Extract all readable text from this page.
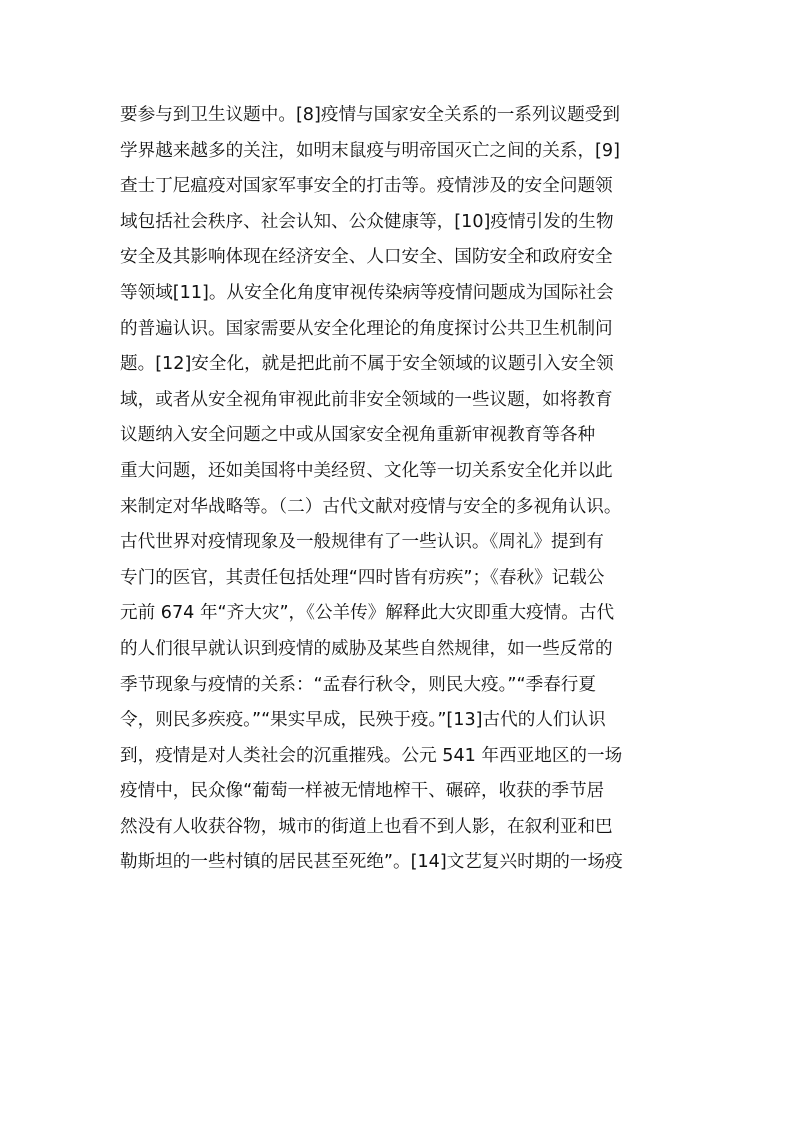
要参与到卫生议题中。[8]疫情与国家安全关系的一系列议题受到
学界越来越多的关注，如明末鼠疫与明帝国灭亡之间的关系，[9]
查士丁尼瘟疫对国家军事安全的打击等。疫情涉及的安全问题领
域包括社会秩序、社会认知、公众健康等，[10]疫情引发的生物
安全及其影响体现在经济安全、人口安全、国防安全和政府安全
等领域[11]。从安全化角度审视传染病等疫情问题成为国际社会
的普遍认识。国家需要从安全化理论的角度探讨公共卫生机制问
题。[12]安全化，就是把此前不属于安全领域的议题引入安全领
域，或者从安全视角审视此前非安全领域的一些议题，如将教育
议题纳入安全问题之中或从国家安全视角重新审视教育等各种
重大问题，还如美国将中美经贸、文化等一切关系安全化并以此
来制定对华战略等。（二）古代文献对疫情与安全的多视角认识。
古代世界对疫情现象及一般规律有了一些认识。《周礼》提到有
专门的医官，其责任包括处理“四时皆有疠疾”；《春秋》记载公
元前 674 年“齐大灾”，《公羊传》解释此大灾即重大疫情。古代
的人们很早就认识到疫情的威胁及某些自然规律，如一些反常的
季节现象与疫情的关系：“孟春行秋令，则民大疫。”“季春行夏
令，则民多疾疫。”“果实早成，民殃于疫。”[13]古代的人们认识
到，疫情是对人类社会的沉重摧残。公元 541 年西亚地区的一场
疫情中，民众像“葡萄一样被无情地榨干、碾碎，收获的季节居
然没有人收获谷物，城市的街道上也看不到人影，在叙利亚和巴
勒斯坦的一些村镇的居民甚至死绝”。[14]文艺复兴时期的一场疫
